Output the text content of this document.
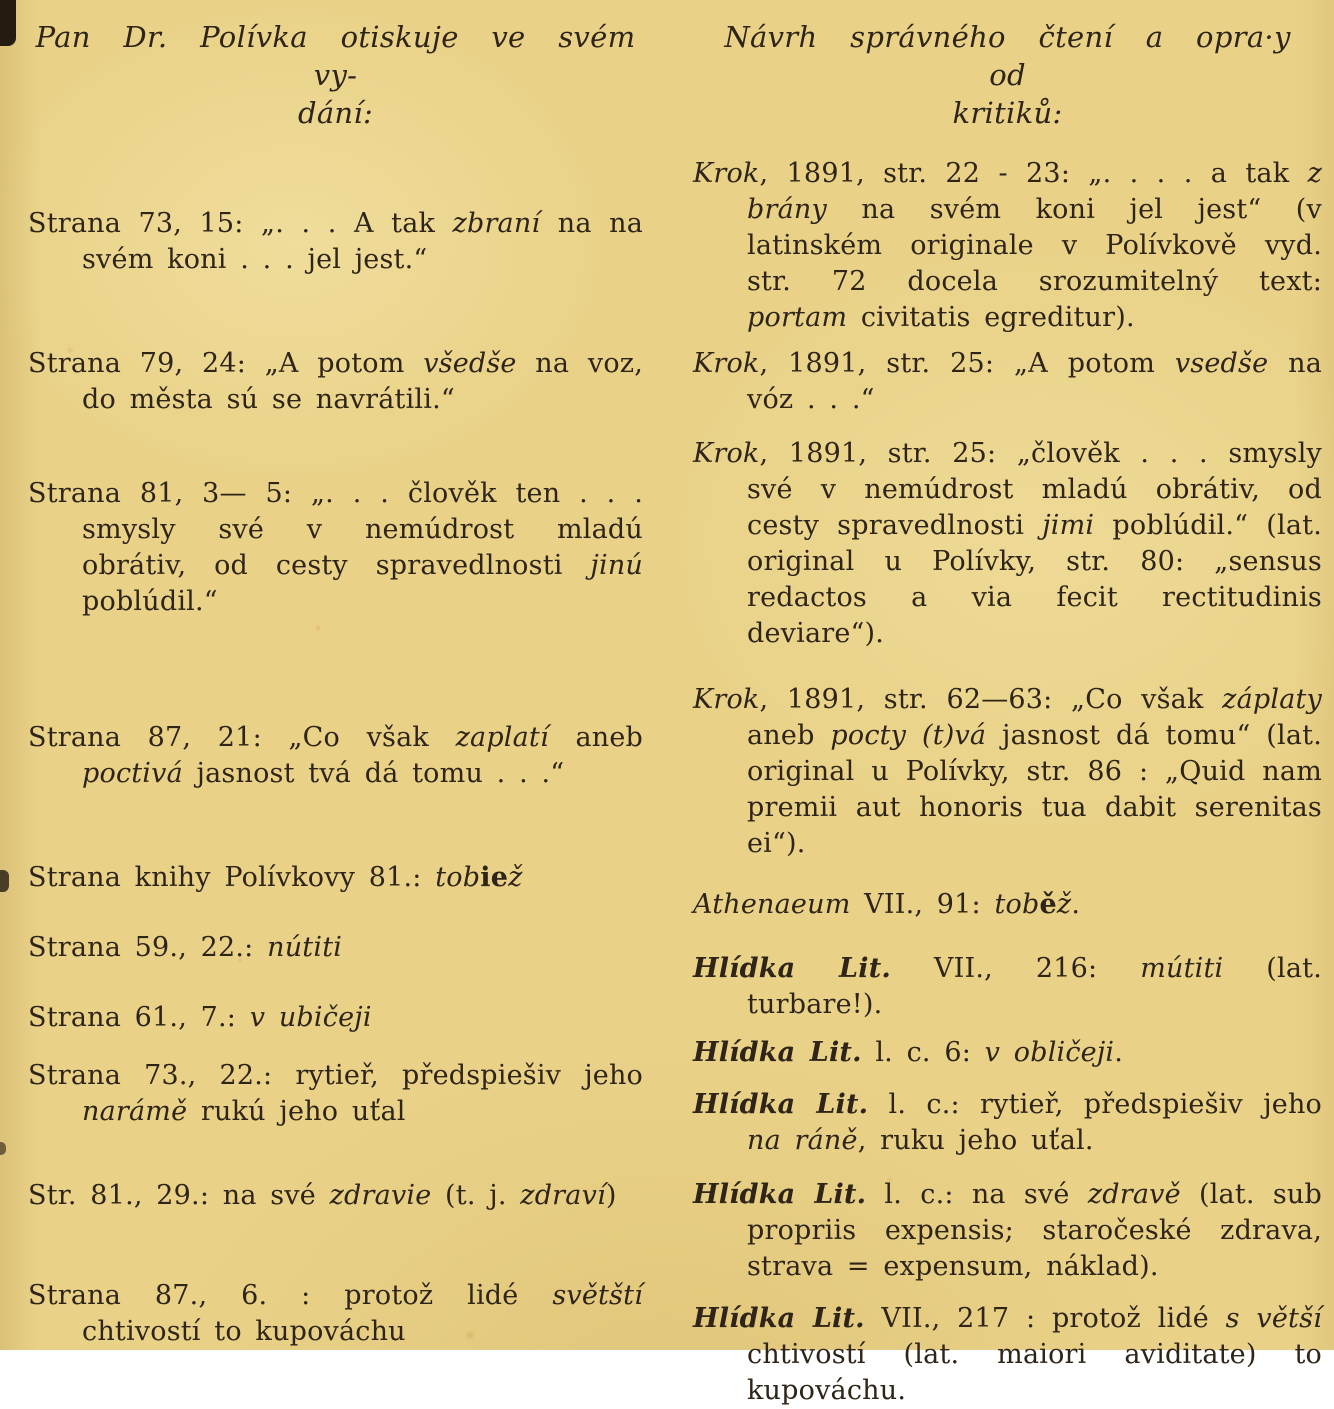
Pan Dr. Polívka otiskuje ve svém vy-
dání:

Strana 73, 15: „. . . A tak zbraní na na svém koni . . . jel jest.“

Strana 79, 24: „A potom všedše na voz, do města sú se navrátili.“

Strana 81, 3— 5: „. . . člověk ten . . . smysly své v nemúdrost mladú obrátiv, od cesty spravedlnosti jinú poblúdil.“

Strana 87, 21: „Co však zaplatí aneb poctivá jasnost tvá dá tomu . . .“

Strana knihy Polívkovy 81.: tobiež

Strana 59., 22.: nútiti

Strana 61., 7.: v ubičeji

Strana 73., 22.: rytieř, předspiešiv jeho narámě rukú jeho uťal

Str. 81., 29.: na své zdravie (t. j. zdraví)

Strana 87., 6. : protož lidé světští chtivostí to kupováchu

Návrh správného čtení a opra·y od
kritiků:

Krok, 1891, str. 22 - 23: „. . . . a tak z brány na svém koni jel jest“ (v latinském originale v Polívkově vyd. str. 72 docela srozumitelný text: portam civitatis egreditur).

Krok, 1891, str. 25: „A potom vsedše na vóz . . .“

Krok, 1891, str. 25: „člověk . . . smysly své v nemúdrost mladú obrátiv, od cesty spravedlnosti jimi poblúdil.“ (lat. original u Polívky, str. 80: „sensus redactos a via fecit rectitudinis deviare“).

Krok, 1891, str. 62—63: „Co však záplaty aneb pocty (t)vá jasnost dá tomu“ (lat. original u Polívky, str. 86 : „Quid nam premii aut honoris tua dabit serenitas ei“).

Athenaeum VII., 91: toběž.

Hlídka Lit. VII., 216: mútiti (lat. turbare!).

Hlídka Lit. l. c. 6: v obličeji.

Hlídka Lit. l. c.: rytieř, předspiešiv jeho na ráně, ruku jeho uťal.

Hlídka Lit. l. c.: na své zdravě (lat. sub propriis expensis; staročeské zdrava, strava = expensum, náklad).

Hlídka Lit. VII., 217 : protož lidé s větší chtivostí (lat. maiori aviditate) to kupováchu.
